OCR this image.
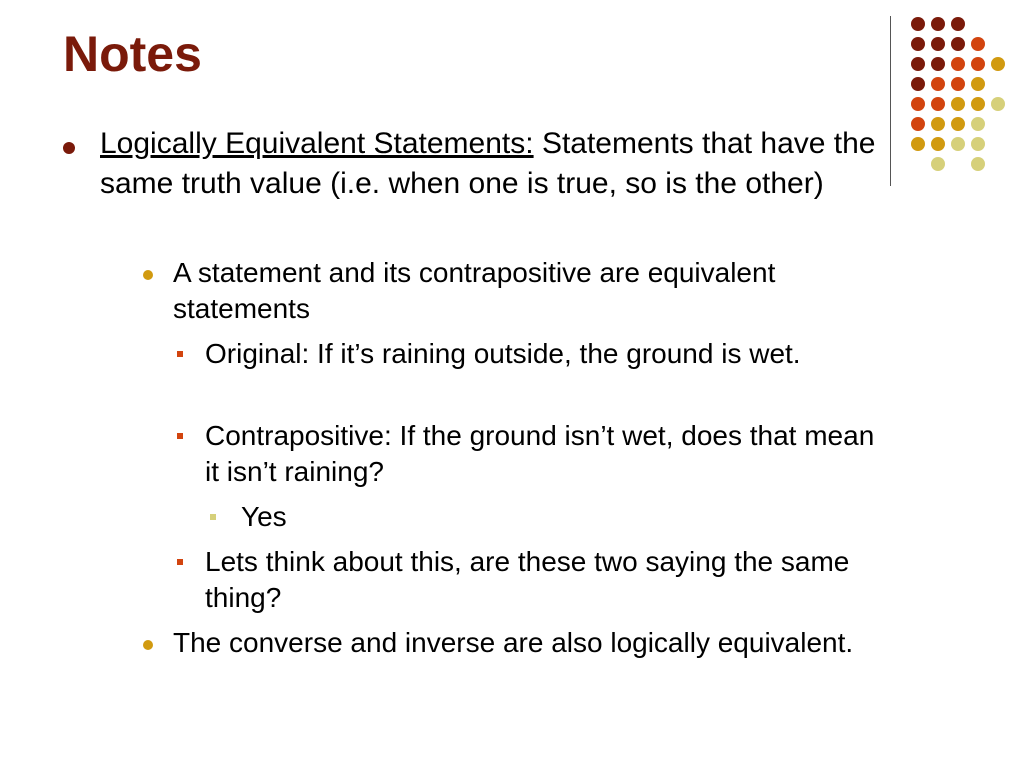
Notes

Logically Equivalent Statements: Statements that have the same truth value (i.e. when one is true, so is the other)

A statement and its contrapositive are equivalent statements

Original: If it’s raining outside, the ground is wet.

Contrapositive: If the ground isn’t wet, does that mean it isn’t raining?

Yes

Lets think about this, are these two saying the same thing?

The converse and inverse are also logically equivalent.
